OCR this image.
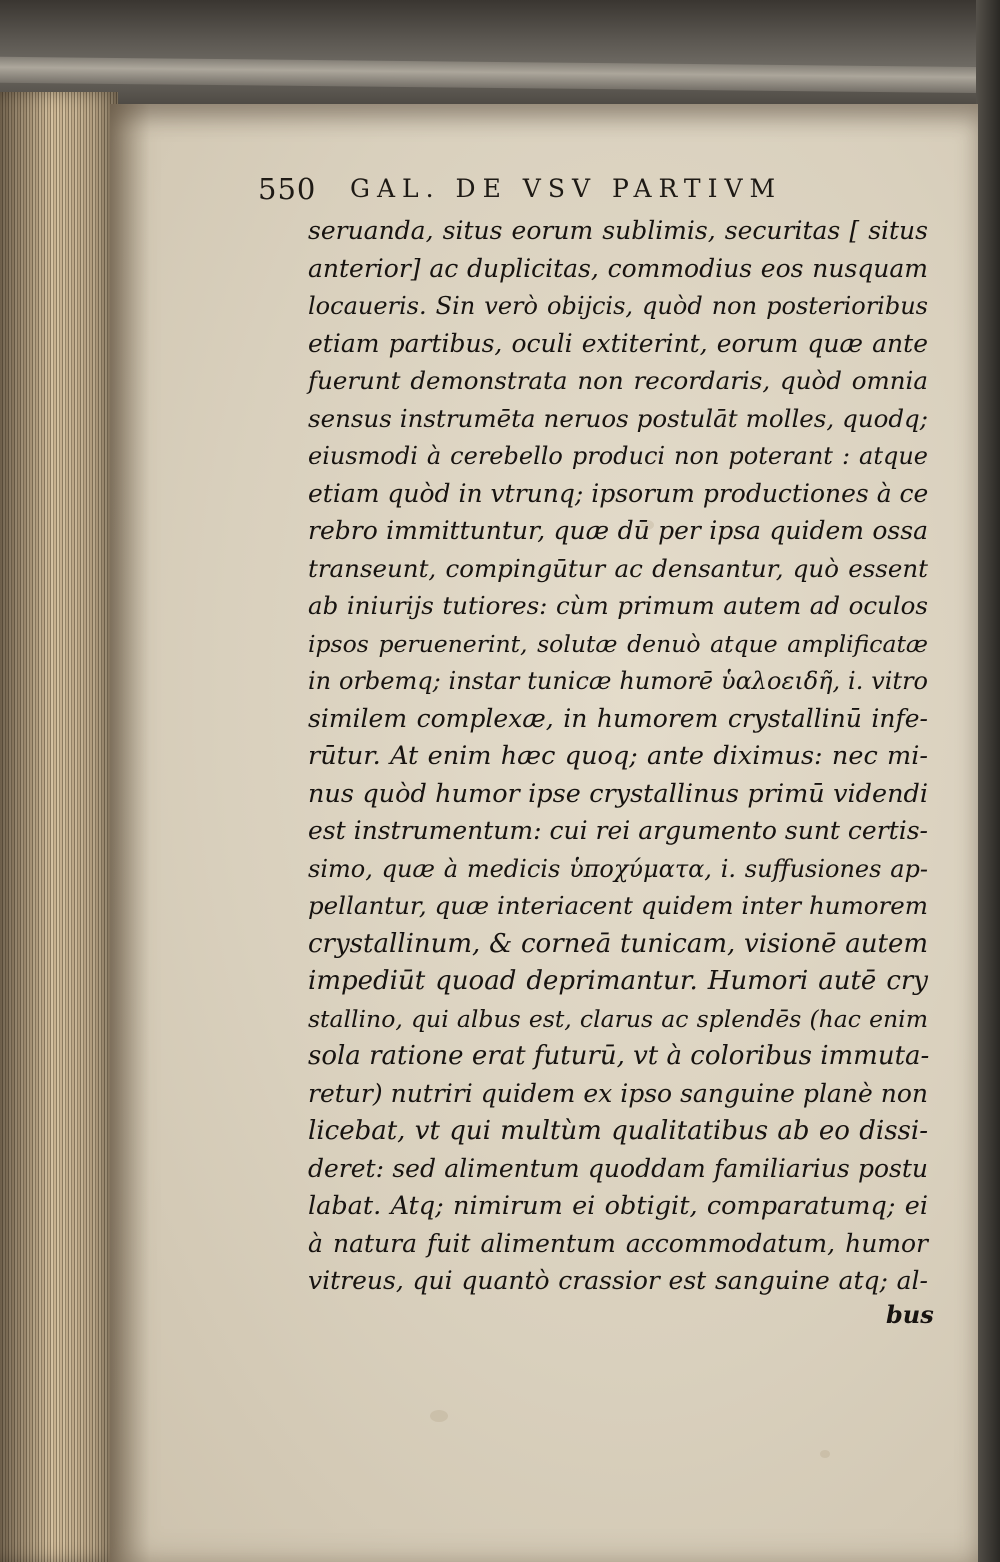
550 GAL. DE VSV PARTIVM
seruanda, situs eorum sublimis, securitas [ situs
anterior] ac duplicitas, commodius eos nusquam
locaueris. Sin verò obijcis, quòd non posterioribus
etiam partibus, oculi extiterint, eorum quæ ante
fuerunt demonstrata non recordaris, quòd omnia
sensus instrumēta neruos postulāt molles, quodq;
eiusmodi à cerebello produci non poterant : atque
etiam quòd in vtrunq; ipsorum productiones à ce
rebro immittuntur, quæ dū per ipsa quidem ossa
transeunt, compingūtur ac densantur, quò essent
ab iniurijs tutiores: cùm primum autem ad oculos
ipsos peruenerint, solutæ denuò atque amplificatæ
in orbemq; instar tunicæ humorē ὑαλοειδῆ, i. vitro
similem complexæ, in humorem crystallinū infe-
rūtur. At enim hæc quoq; ante diximus: nec mi-
nus quòd humor ipse crystallinus primū videndi
est instrumentum: cui rei argumento sunt certis-
simo, quæ à medicis ὑποχύματα, i. suffusiones ap-
pellantur, quæ interiacent quidem inter humorem
crystallinum, & corneā tunicam, visionē autem
impediūt quoad deprimantur. Humori autē cry
stallino, qui albus est, clarus ac splendēs (hac enim
sola ratione erat futurū, vt à coloribus immuta-
retur) nutriri quidem ex ipso sanguine planè non
licebat, vt qui multùm qualitatibus ab eo dissi-
deret: sed alimentum quoddam familiarius postu
labat. Atq; nimirum ei obtigit, comparatumq; ei
à natura fuit alimentum accommodatum, humor
vitreus, qui quantò crassior est sanguine atq; al-
bus
